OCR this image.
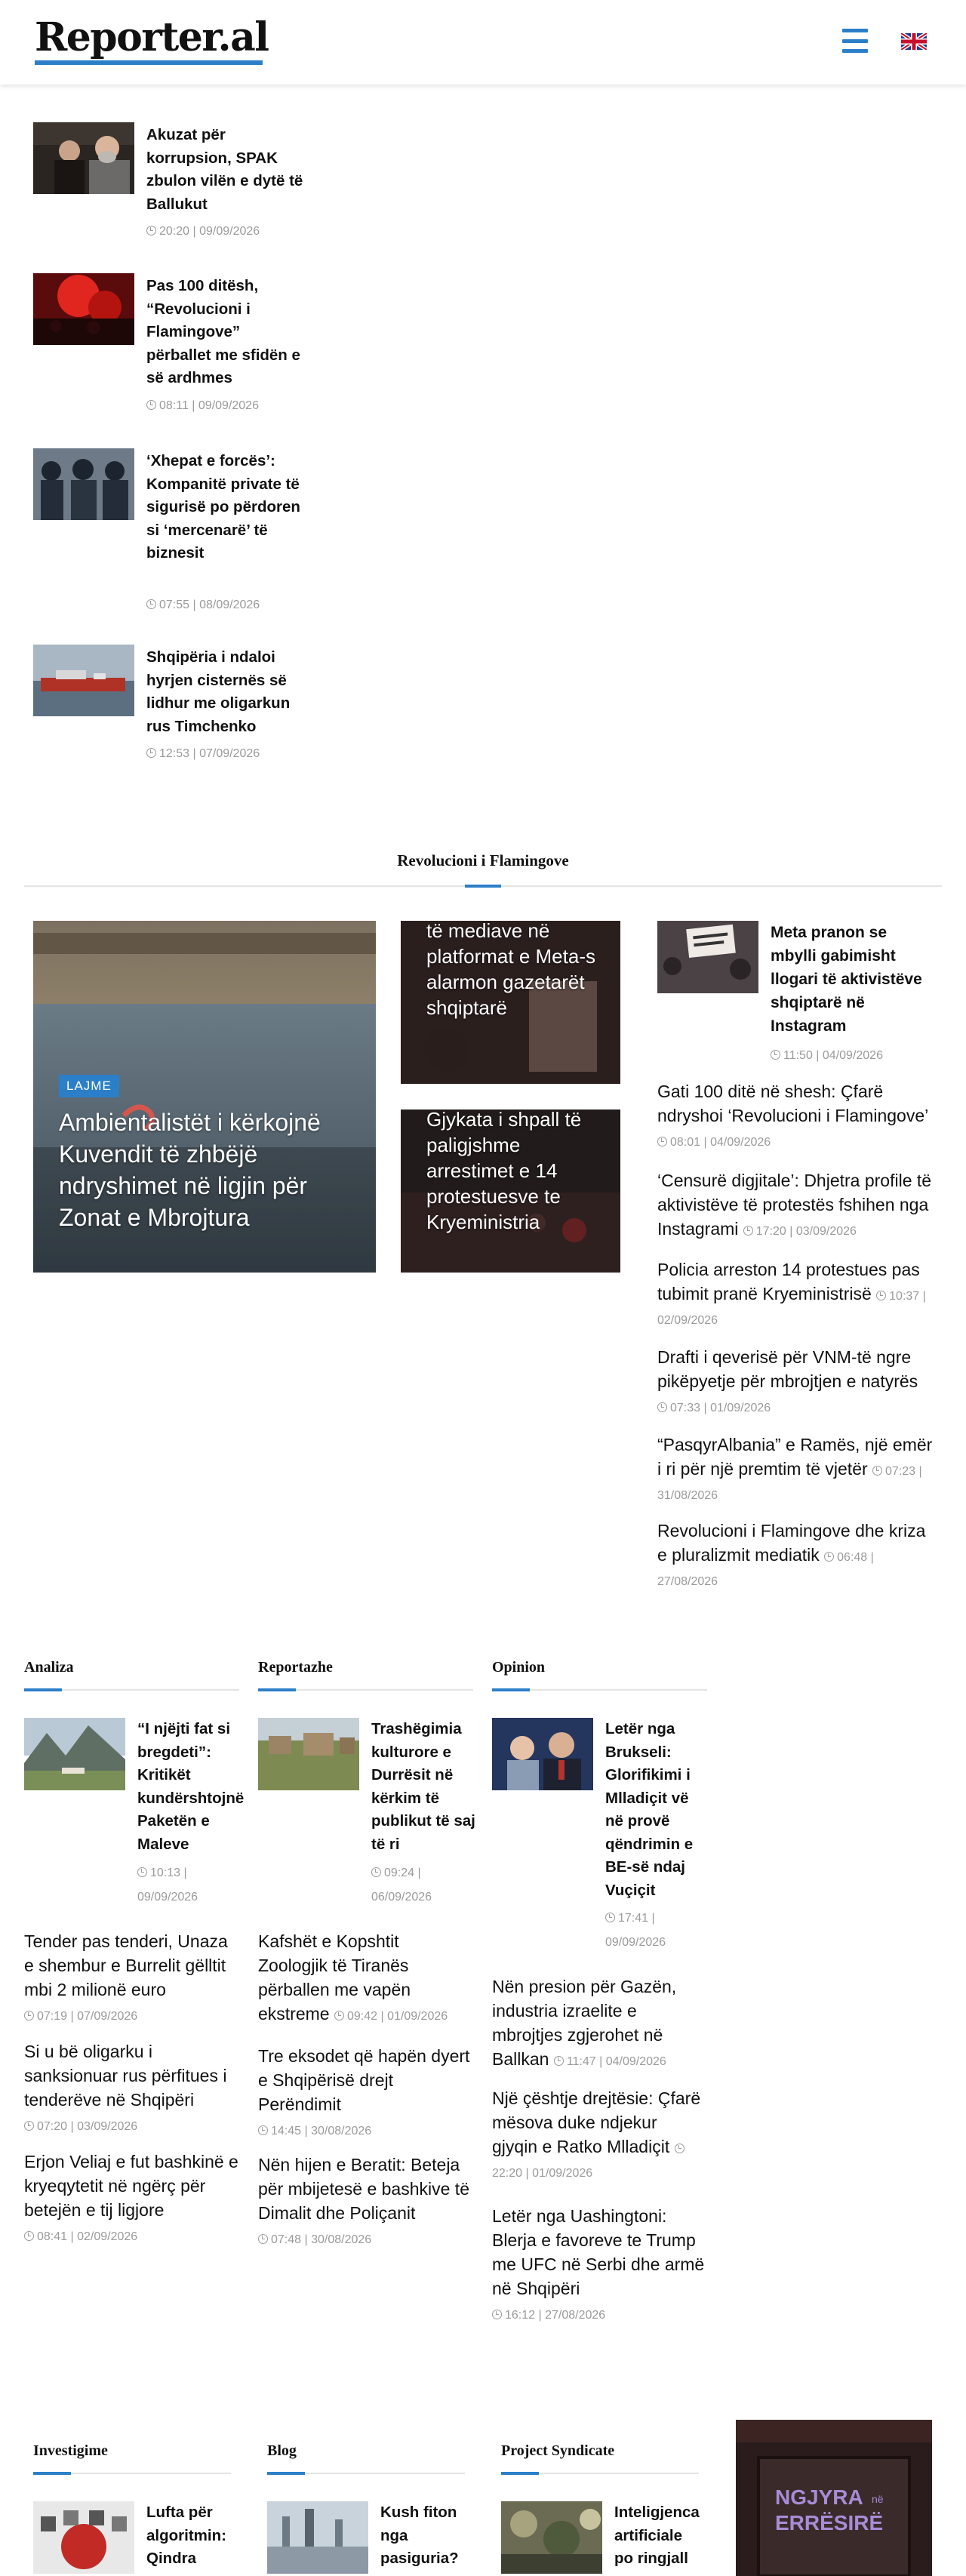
Reporter.al
Akuzat për korrupsion, SPAK zbulon vilën e dytë të Ballukut
20:20 | 09/09/2026
Pas 100 ditësh, “Revolucioni i Flamingove” përballet me sfidën e së ardhmes
08:11 | 09/09/2026
‘Xhepat e forcës’: Kompanitë private të sigurisë po përdoren si ‘mercenarë’ të biznesit
07:55 | 08/09/2026
Shqipëria i ndaloi hyrjen cisternës së lidhur me oligarkun rus Timchenko
12:53 | 07/09/2026
Revolucioni i Flamingove
LAJME
Ambientalistët i kërkojnë Kuvendit të zhbëjë ndryshimet në ligjin për Zonat e Mbrojtura
të mediave në platformat e Meta-s alarmon gazetarët shqiptarë
Gjykata i shpall të paligjshme arrestimet e 14 protestuesve te Kryeministria
Meta pranon se mbylli gabimisht llogari të aktivistëve shqiptarë në Instagram
11:50 | 04/09/2026
Gati 100 ditë në shesh: Çfarë ndryshoi ‘Revolucioni i Flamingove’ 08:01 | 04/09/2026
‘Censurë digjitale’: Dhjetra profile të aktivistëve të protestës fshihen nga Instagrami 17:20 | 03/09/2026
Policia arreston 14 protestues pas tubimit pranë Kryeministrisë 10:37 | 02/09/2026
Drafti i qeverisë për VNM-të ngre pikëpyetje për mbrojtjen e natyrës 07:33 | 01/09/2026
“PasqyrAlbania” e Ramës, një emër i ri për një premtim të vjetër 07:23 | 31/08/2026
Revolucioni i Flamingove dhe kriza e pluralizmit mediatik 06:48 | 27/08/2026
Analiza
“I njëjti fat si bregdeti”: Kritikët kundërshtojnë Paketën e Maleve
10:13 | 09/09/2026
Tender pas tenderi, Unaza e shembur e Burrelit gëlltit mbi 2 milionë euro
07:19 | 07/09/2026
Si u bë oligarku i sanksionuar rus përfitues i tenderëve në Shqipëri
07:20 | 03/09/2026
Erjon Veliaj e fut bashkinë e kryeqytetit në ngërç për betejën e tij ligjore
08:41 | 02/09/2026
Reportazhe
Trashëgimia kulturore e Durrësit në kërkim të publikut të saj të ri
09:24 | 06/09/2026
Kafshët e Kopshtit Zoologjik të Tiranës përballen me vapën ekstreme 09:42 | 01/09/2026
Tre eksodet që hapën dyert e Shqipërisë drejt Perëndimit
14:45 | 30/08/2026
Nën hijen e Beratit: Beteja për mbijetesë e bashkive të Dimalit dhe Poliçanit
07:48 | 30/08/2026
Opinion
Letër nga Brukseli: Glorifikimi i Mlladiçit vë në provë qëndrimin e BE-së ndaj Vuçiçit
17:41 | 09/09/2026
Nën presion për Gazën, industria izraelite e mbrojtjes zgjerohet në Ballkan 11:47 | 04/09/2026
Një çështje drejtësie: Çfarë mësova duke ndjekur gjyqin e Ratko Mlladiçit 22:20 | 01/09/2026
Letër nga Uashingtoni: Blerja e favoreve te Trump me UFC në Serbi dhe armë në Shqipëri
16:12 | 27/08/2026
Investigime
Lufta për algoritmin: Qindra
Blog
Kush fiton nga pasiguria?
Project Syndicate
Inteligjenca artificiale po ringjall
NGJYRA në
ERRËSIRË
